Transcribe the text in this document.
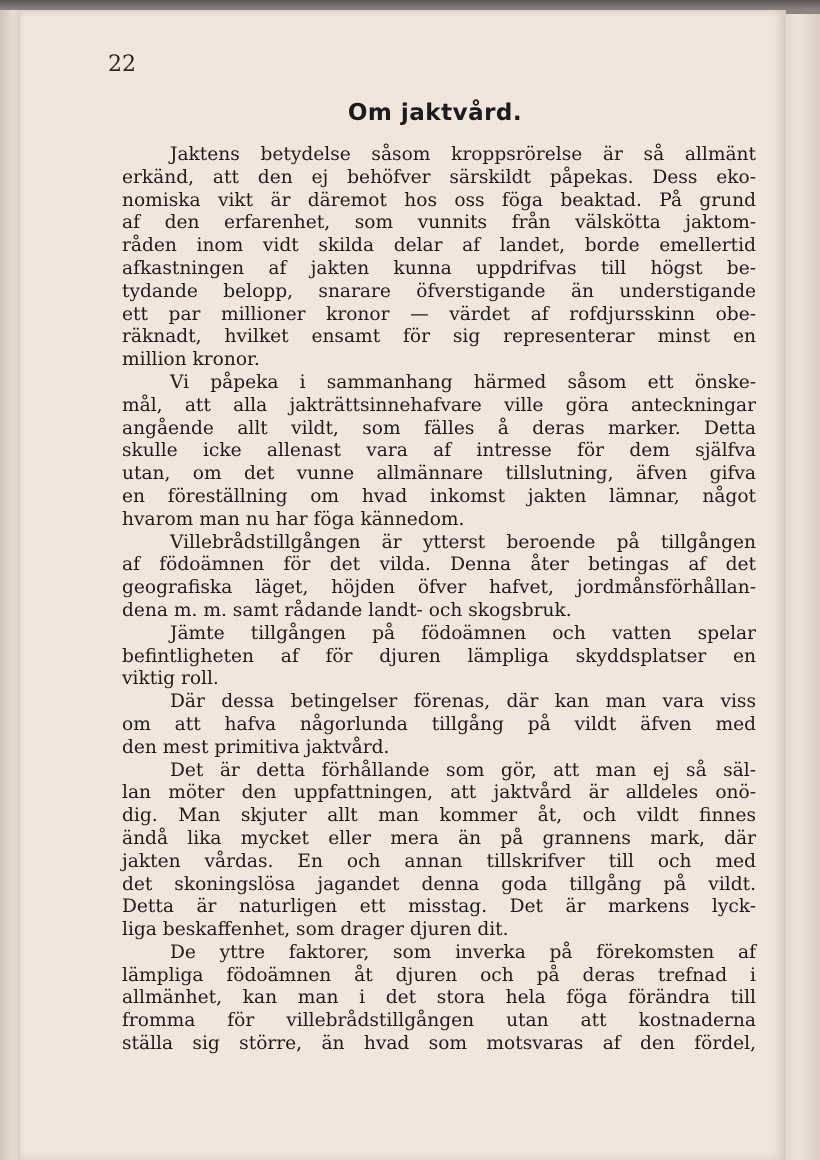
22

Om jaktvård.
Jaktens betydelse såsom kroppsrörelse är så allmänt
erkänd, att den ej behöfver särskildt påpekas. Dess eko-
nomiska vikt är däremot hos oss föga beaktad. På grund
af den erfarenhet, som vunnits från välskötta jaktom-
råden inom vidt skilda delar af landet, borde emellertid
afkastningen af jakten kunna uppdrifvas till högst be-
tydande belopp, snarare öfverstigande än understigande
ett par millioner kronor — värdet af rofdjursskinn obe-
räknadt, hvilket ensamt för sig representerar minst en
million kronor.
Vi påpeka i sammanhang härmed såsom ett önske-
mål, att alla jakträttsinnehafvare ville göra anteckningar
angående allt vildt, som fälles å deras marker. Detta
skulle icke allenast vara af intresse för dem själfva
utan, om det vunne allmännare tillslutning, äfven gifva
en föreställning om hvad inkomst jakten lämnar, något
hvarom man nu har föga kännedom.
Villebrådstillgången är ytterst beroende på tillgången
af födoämnen för det vilda. Denna åter betingas af det
geografiska läget, höjden öfver hafvet, jordmånsförhållan-
dena m. m. samt rådande landt- och skogsbruk.
Jämte tillgången på födoämnen och vatten spelar
befintligheten af för djuren lämpliga skyddsplatser en
viktig roll.
Där dessa betingelser förenas, där kan man vara viss
om att hafva någorlunda tillgång på vildt äfven med
den mest primitiva jaktvård.
Det är detta förhållande som gör, att man ej så säl-
lan möter den uppfattningen, att jaktvård är alldeles onö-
dig. Man skjuter allt man kommer åt, och vildt finnes
ändå lika mycket eller mera än på grannens mark, där
jakten vårdas. En och annan tillskrifver till och med
det skoningslösa jagandet denna goda tillgång på vildt.
Detta är naturligen ett misstag. Det är markens lyck-
liga beskaffenhet, som drager djuren dit.
De yttre faktorer, som inverka på förekomsten af
lämpliga födoämnen åt djuren och på deras trefnad i
allmänhet, kan man i det stora hela föga förändra till
fromma för villebrådstillgången utan att kostnaderna
ställa sig större, än hvad som motsvaras af den fördel,
